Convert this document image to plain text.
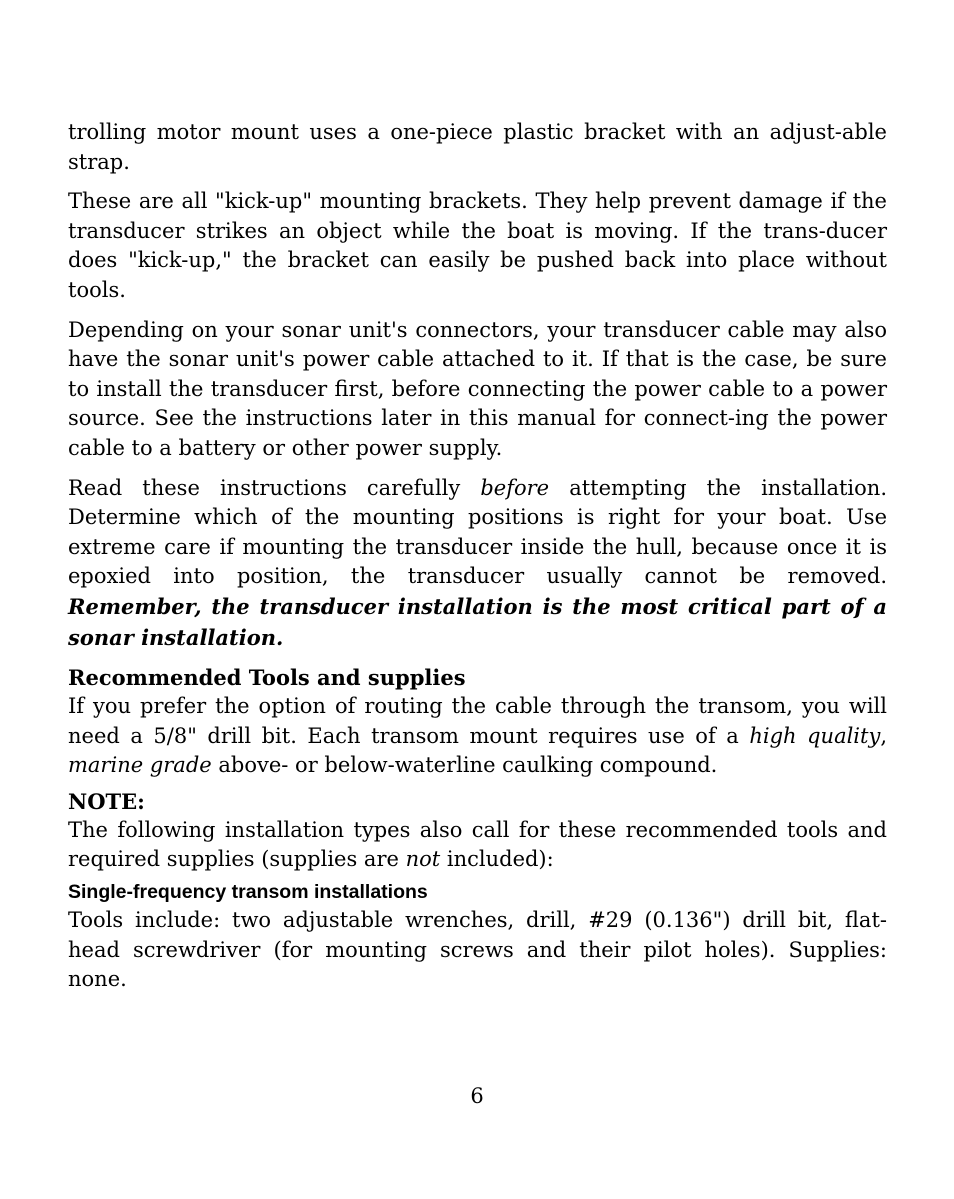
trolling motor mount uses a one-piece plastic bracket with an adjust-able strap.

These are all "kick-up" mounting brackets. They help prevent damage if the transducer strikes an object while the boat is moving. If the trans-ducer does "kick-up," the bracket can easily be pushed back into place without tools.

Depending on your sonar unit's connectors, your transducer cable may also have the sonar unit's power cable attached to it. If that is the case, be sure to install the transducer first, before connecting the power cable to a power source. See the instructions later in this manual for connect-ing the power cable to a battery or other power supply.

Read these instructions carefully before attempting the installation. Determine which of the mounting positions is right for your boat. Use extreme care if mounting the transducer inside the hull, because once it is epoxied into position, the transducer usually cannot be removed. Remember, the transducer installation is the most critical part of a sonar installation.

Recommended Tools and supplies

If you prefer the option of routing the cable through the transom, you will need a 5/8" drill bit. Each transom mount requires use of a high quality, marine grade above- or below-waterline caulking compound.

NOTE:

The following installation types also call for these recommended tools and required supplies (supplies are not included):

Single-frequency transom installations

Tools include: two adjustable wrenches, drill, #29 (0.136") drill bit, flat-head screwdriver (for mounting screws and their pilot holes). Supplies: none.

6
